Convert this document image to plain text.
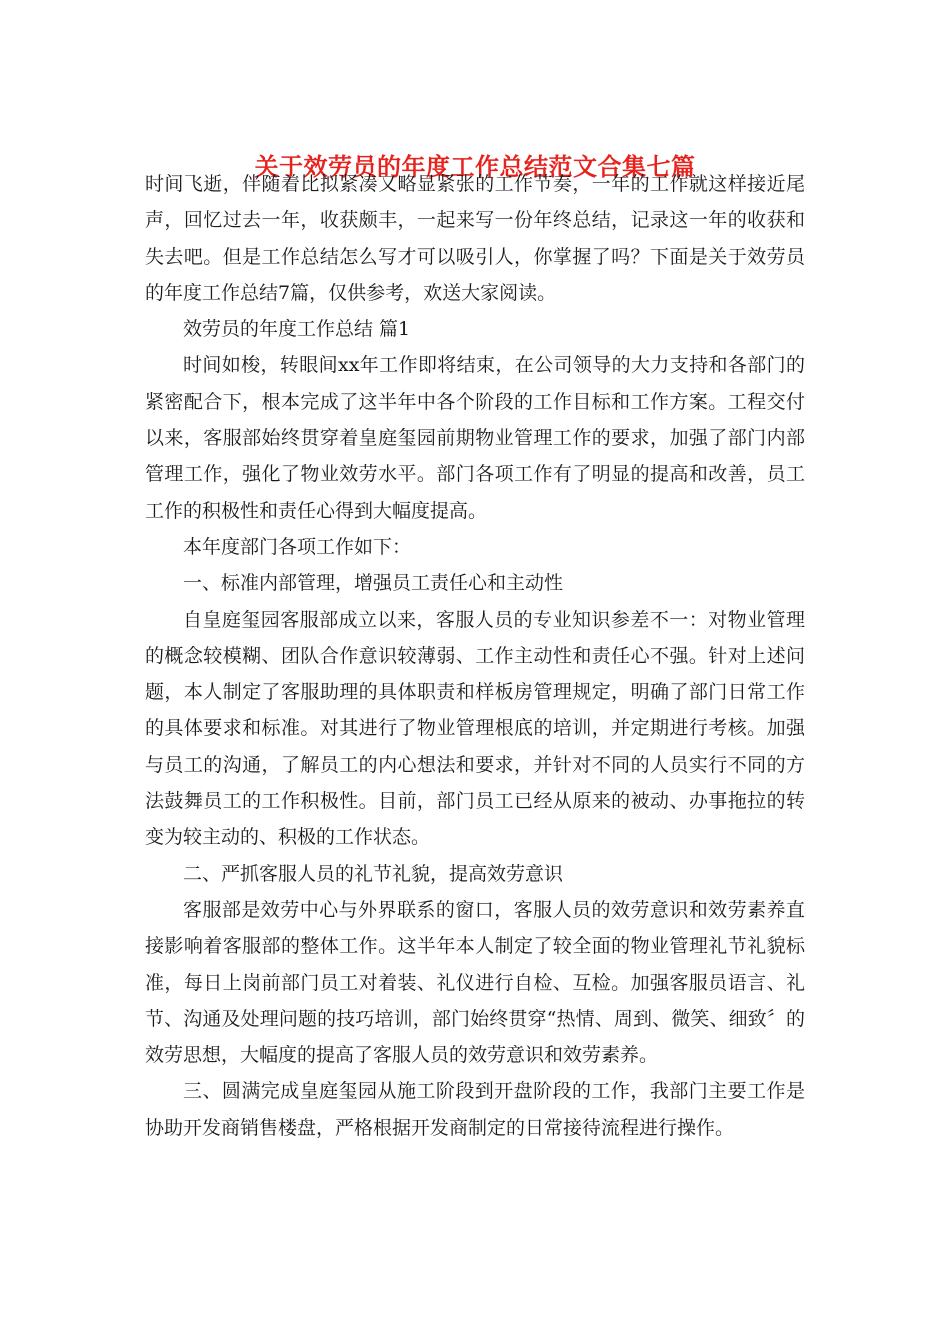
关于效劳员的年度工作总结范文合集七篇

时间飞逝，伴随着比拟紧凑又略显紧张的工作节奏，一年的工作就这样接近尾声，回忆过去一年，收获颇丰，一起来写一份年终总结，记录这一年的收获和失去吧。但是工作总结怎么写才可以吸引人，你掌握了吗？下面是关于效劳员的年度工作总结7篇，仅供参考，欢送大家阅读。

效劳员的年度工作总结 篇1

时间如梭，转眼间xx年工作即将结束，在公司领导的大力支持和各部门的紧密配合下，根本完成了这半年中各个阶段的工作目标和工作方案。工程交付以来，客服部始终贯穿着皇庭玺园前期物业管理工作的要求，加强了部门内部管理工作，强化了物业效劳水平。部门各项工作有了明显的提高和改善，员工工作的积极性和责任心得到大幅度提高。

本年度部门各项工作如下：

一、标准内部管理，增强员工责任心和主动性

自皇庭玺园客服部成立以来，客服人员的专业知识参差不一：对物业管理的概念较模糊、团队合作意识较薄弱、工作主动性和责任心不强。针对上述问题，本人制定了客服助理的具体职责和样板房管理规定，明确了部门日常工作的具体要求和标准。对其进行了物业管理根底的培训，并定期进行考核。加强与员工的沟通，了解员工的内心想法和要求，并针对不同的人员实行不同的方法鼓舞员工的工作积极性。目前，部门员工已经从原来的被动、办事拖拉的转变为较主动的、积极的工作状态。

二、严抓客服人员的礼节礼貌，提高效劳意识

客服部是效劳中心与外界联系的窗口，客服人员的效劳意识和效劳素养直接影响着客服部的整体工作。这半年本人制定了较全面的物业管理礼节礼貌标准，每日上岗前部门员工对着装、礼仪进行自检、互检。加强客服员语言、礼节、沟通及处理问题的技巧培训，部门始终贯穿“热情、周到、微笑、细致〞的效劳思想，大幅度的提高了客服人员的效劳意识和效劳素养。

三、圆满完成皇庭玺园从施工阶段到开盘阶段的工作，我部门主要工作是协助开发商销售楼盘，严格根据开发商制定的日常接待流程进行操作。
